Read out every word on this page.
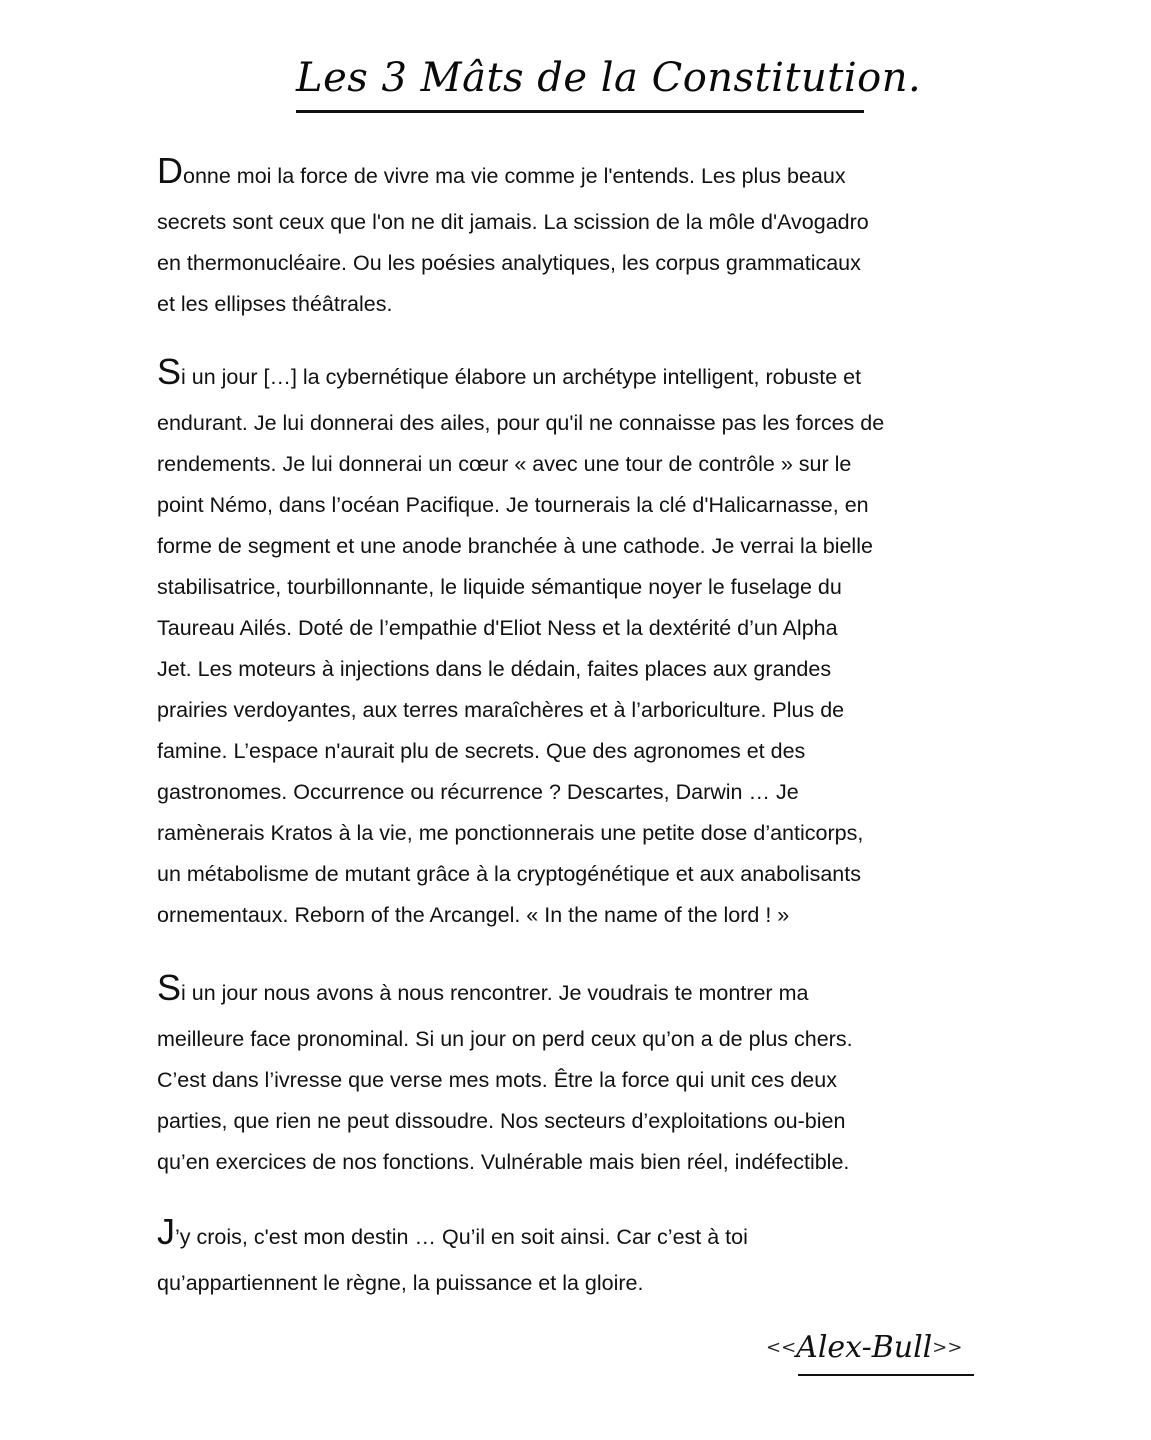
Les 3 Mâts de la Constitution.
Donne moi la force de vivre ma vie comme je l'entends. Les plus beaux
secrets sont ceux que l'on ne dit jamais. La scission de la môle d'Avogadro
en thermonucléaire. Ou les poésies analytiques, les corpus grammaticaux
et les ellipses théâtrales.
Si un jour […] la cybernétique élabore un archétype intelligent, robuste et
endurant. Je lui donnerai des ailes, pour qu'il ne connaisse pas les forces de
rendements. Je lui donnerai un cœur « avec une tour de contrôle » sur le
point Némo, dans l’océan Pacifique. Je tournerais la clé d'Halicarnasse, en
forme de segment et une anode branchée à une cathode. Je verrai la bielle
stabilisatrice, tourbillonnante, le liquide sémantique noyer le fuselage du
Taureau Ailés. Doté de l’empathie d'Eliot Ness et la dextérité d’un Alpha
Jet. Les moteurs à injections dans le dédain, faites places aux grandes
prairies verdoyantes, aux terres maraîchères et à l’arboriculture. Plus de
famine. L’espace n'aurait plu de secrets. Que des agronomes et des
gastronomes. Occurrence ou récurrence ? Descartes, Darwin … Je
ramènerais Kratos à la vie, me ponctionnerais une petite dose d’anticorps,
un métabolisme de mutant grâce à la cryptogénétique et aux anabolisants
ornementaux. Reborn of the Arcangel. « In the name of the lord ! »
Si un jour nous avons à nous rencontrer. Je voudrais te montrer ma
meilleure face pronominal. Si un jour on perd ceux qu’on a de plus chers.
C’est dans l’ivresse que verse mes mots. Être la force qui unit ces deux
parties, que rien ne peut dissoudre. Nos secteurs d’exploitations ou-bien
qu’en exercices de nos fonctions. Vulnérable mais bien réel, indéfectible.
J’y crois, c'est mon destin … Qu’il en soit ainsi. Car c’est à toi
qu’appartiennent le règne, la puissance et la gloire.
<<Alex-Bull>>
